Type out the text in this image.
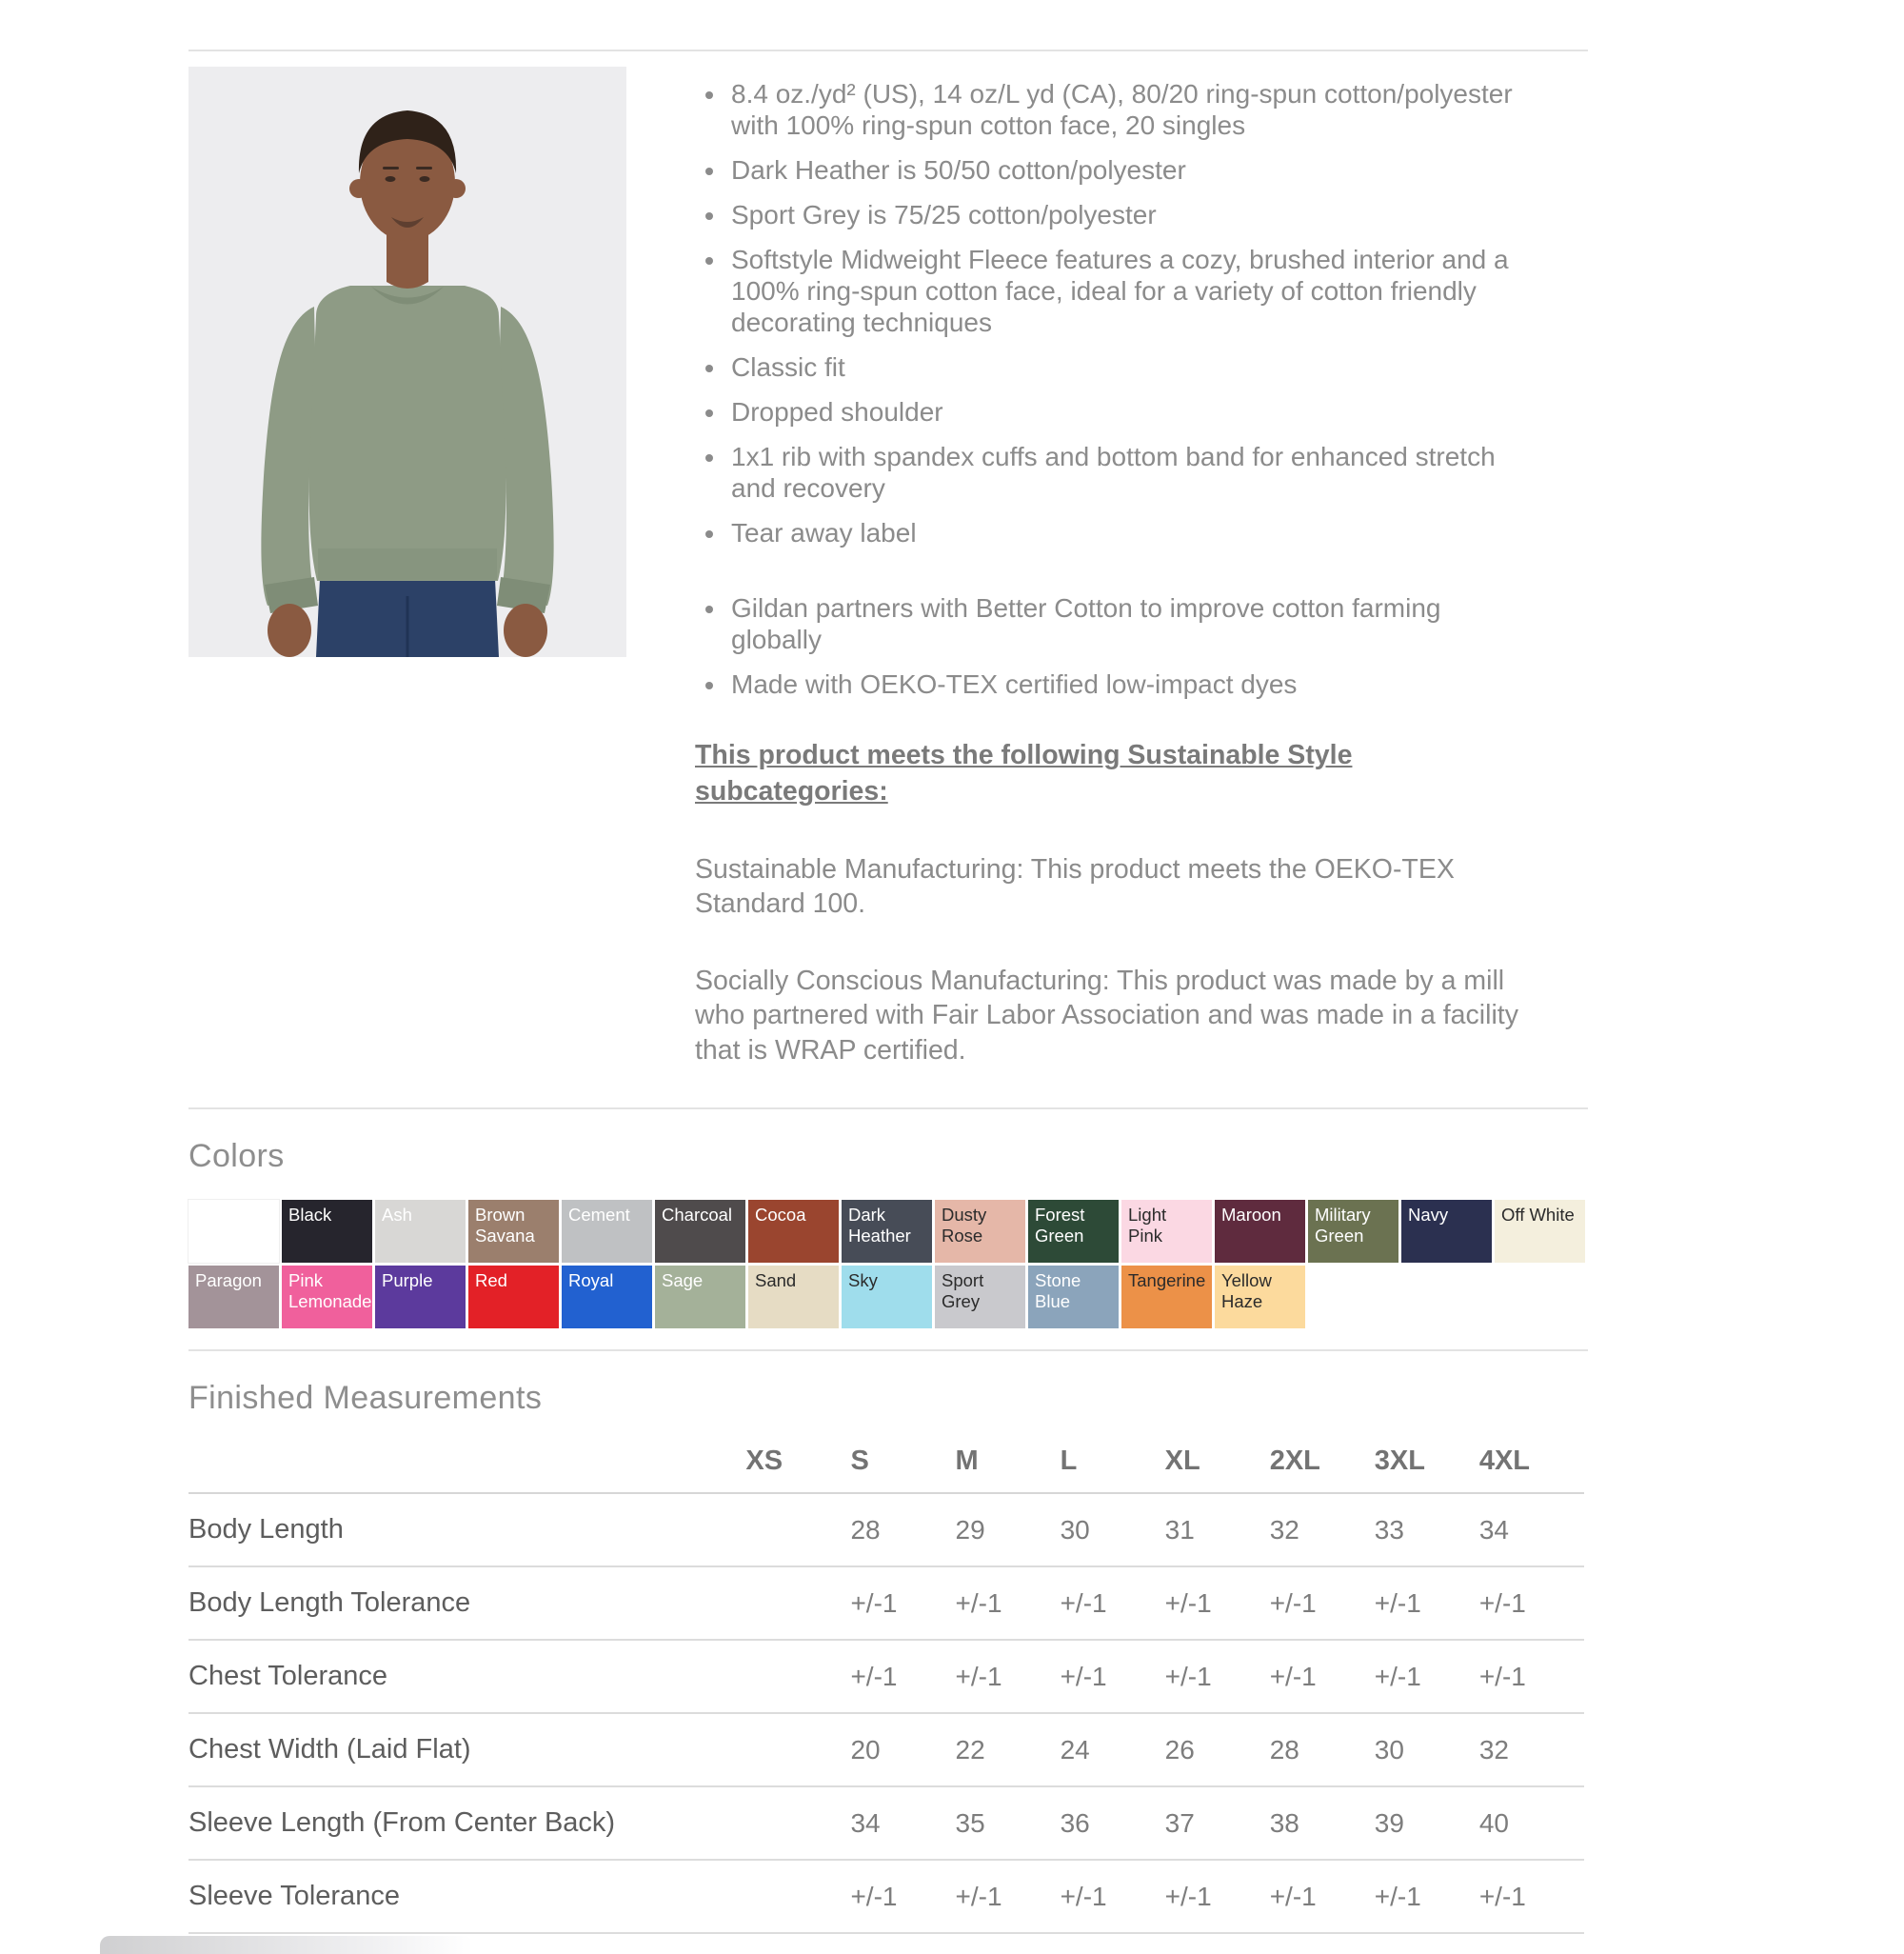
• 8.4 oz./yd² (US), 14 oz/L yd (CA), 80/20 ring-spun cotton/polyester with 100% ring-spun cotton face, 20 singles
• Dark Heather is 50/50 cotton/polyester
• Sport Grey is 75/25 cotton/polyester
• Softstyle Midweight Fleece features a cozy, brushed interior and a 100% ring-spun cotton face, ideal for a variety of cotton friendly decorating techniques
• Classic fit
• Dropped shoulder
• 1x1 rib with spandex cuffs and bottom band for enhanced stretch and recovery
• Tear away label
• Gildan partners with Better Cotton to improve cotton farming globally
• Made with OEKO-TEX certified low-impact dyes
This product meets the following Sustainable Style subcategories:

Sustainable Manufacturing: This product meets the OEKO-TEX Standard 100.

Socially Conscious Manufacturing: This product was made by a mill who partnered with Fair Labor Association and was made in a facility that is WRAP certified.

Colors
White	Black	Ash	Brown Savana
Cement	Charcoal	Cocoa	Dark Heather
Dusty Rose
Forest Green
Light Pink
Maroon	Military Green
Navy	Off White
Paragon	Pink Lemonade
Purple	Red	Royal	Sage	Sand	Sky	Sport Grey
Stone Blue
Tangerine Yellow Haze
Finished Measurements
	XS	S	M	L	XL	2XL	3XL	4XL
Body Length		28	29	30	31	32	33	34
Body Length Tolerance		+/-1	+/-1	+/-1	+/-1	+/-1	+/-1	+/-1
Chest Tolerance		+/-1	+/-1	+/-1	+/-1	+/-1	+/-1	+/-1
Chest Width (Laid Flat)		20	22	24	26	28	30	32
Sleeve Length (From Center Back)		34	35	36	37	38	39	40
Sleeve Tolerance		+/-1	+/-1	+/-1	+/-1	+/-1	+/-1	+/-1
